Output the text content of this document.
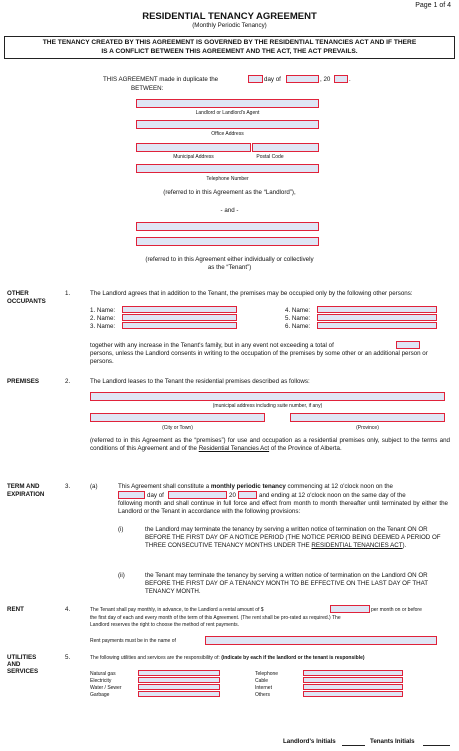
Page 1 of 4
RESIDENTIAL TENANCY AGREEMENT
(Monthly Periodic Tenancy)
THE TENANCY CREATED BY THIS AGREEMENT IS GOVERNED BY THE RESIDENTIAL TENANCIES ACT AND IF THERE
IS A CONFLICT BETWEEN THIS AGREEMENT AND THE ACT, THE ACT PREVAILS.
THIS AGREEMENT made in duplicate the	day of	, 20	.
BETWEEN:
Landlord or Landlord's Agent
Office Address
Municipal Address	Postal Code
Telephone Number
(referred to in this Agreement as the “Landlord”),
- and -
(referred to in this Agreement either individually or collectively
as the “Tenant”)
OTHER
OCCUPANTS
1.	The Landlord agrees that in addition to the Tenant, the premises may be occupied only by the following other persons:
1. Name:
2. Name:
3. Name:
4. Name:
5. Name:
6. Name:
together with any increase in the Tenant's family, but in any event not exceeding a total of
persons, unless the Landlord consents in writing to the occupation of the premises by some other or an additional person or persons.
PREMISES	2.	The Landlord leases to the Tenant the residential premises described as follows:
(municipal address including suite number, if any)
(City or Town)	(Province)
(referred to in this Agreement as the “premises”) for use and occupation as a residential premises only, subject to the terms and conditions of this Agreement and of the Residential Tenancies Act of the Province of Alberta.
TERM AND
EXPIRATION
3.	(a)	This Agreement shall constitute a monthly periodic tenancy commencing at 12 o'clock noon on the
day of	20	and ending at 12 o'clock noon on the same day of the
following month and shall continue in full force and effect from month to month thereafter until terminated by either the Landlord or the Tenant in accordance with the following provisions:
(i)	the Landlord may terminate the tenancy by serving a written notice of termination on the Tenant ON OR BEFORE THE FIRST DAY OF A NOTICE PERIOD (THE NOTICE PERIOD BEING DEEMED A PERIOD OF THREE CONSECUTIVE TENANCY MONTHS UNDER THE RESIDENTIAL TENANCIES ACT).
(ii)	the Tenant may terminate the tenancy by serving a written notice of termination on the Landlord ON OR BEFORE THE FIRST DAY OF A TENANCY MONTH TO BE EFFECTIVE ON THE LAST DAY OF THAT TENANCY MONTH.
RENT	4.	The Tenant shall pay monthly, in advance, to the Landlord a rental amount of $	per month on or before
the first day of each and every month of the term of this Agreement. (The rent shall be pro-rated as required.) The
Landlord reserves the right to choose the method of rent payments.
Rent payments must be in the name of
UTILITIES
AND
SERVICES
5.	The following utilities and services are the responsibility of: (indicate by each if the landlord or the tenant is responsible)
Natural gas
Electricity
Water / Sewer
Garbage
Telephone
Cable
Internet
Others
Landlord's Initials	Tenants Initials
